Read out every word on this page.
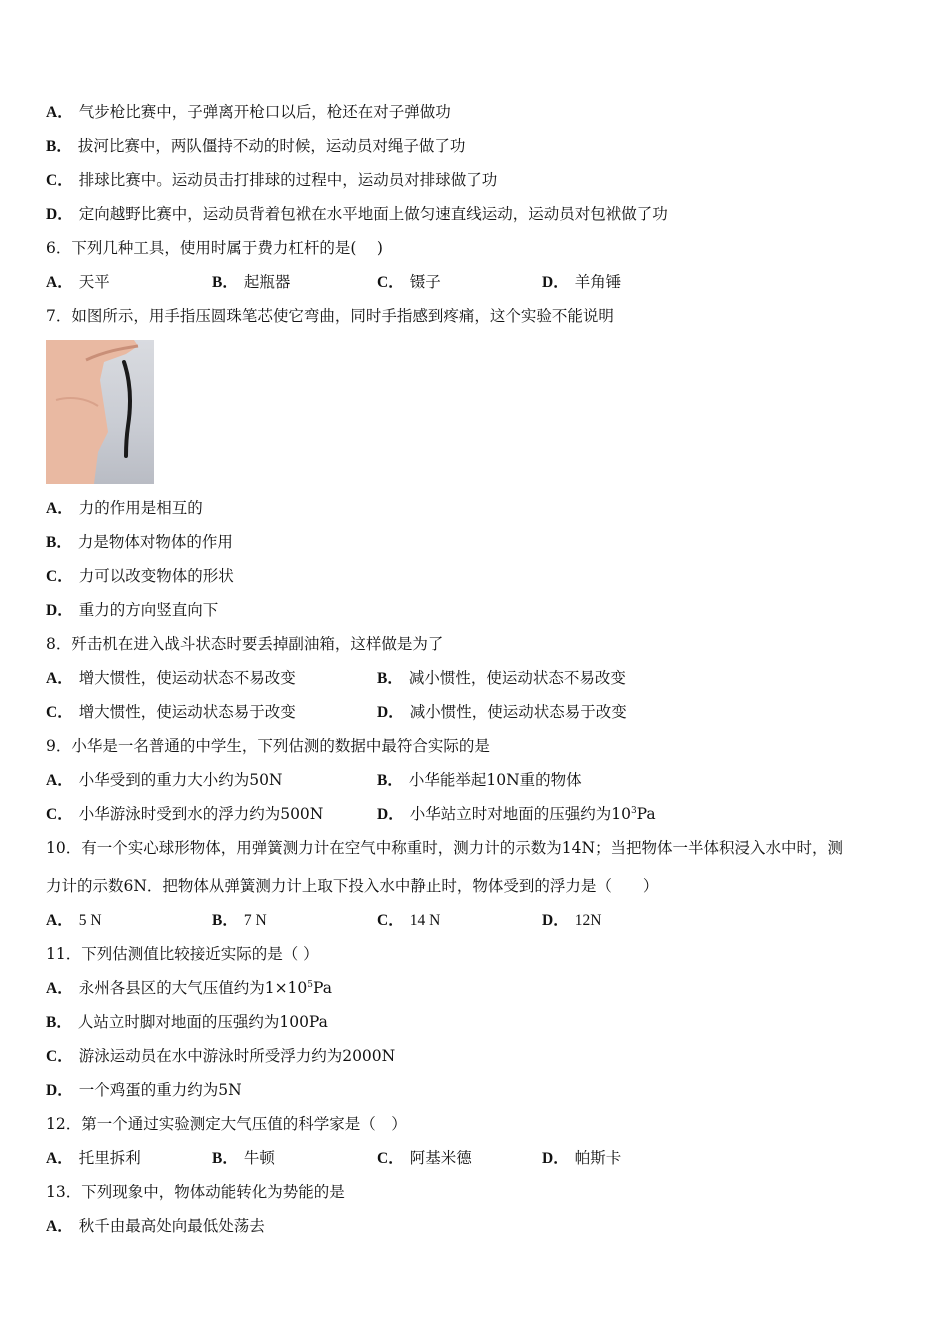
A． 气步枪比赛中，子弹离开枪口以后，枪还在对子弹做功
B． 拔河比赛中，两队僵持不动的时候，运动员对绳子做了功
C． 排球比赛中。运动员击打排球的过程中，运动员对排球做了功
D． 定向越野比赛中，运动员背着包袱在水平地面上做匀速直线运动，运动员对包袱做了功
6．下列几种工具，使用时属于费力杠杆的是(　 )
A． 天平	B． 起瓶器	C． 镊子	D． 羊角锤
7．如图所示，用手指压圆珠笔芯使它弯曲，同时手指感到疼痛，这个实验不能说明
A． 力的作用是相互的
B． 力是物体对物体的作用
C． 力可以改变物体的形状
D． 重力的方向竖直向下
8．歼击机在进入战斗状态时要丢掉副油箱，这样做是为了
A． 增大惯性，使运动状态不易改变	B． 减小惯性，使运动状态不易改变
C． 增大惯性，使运动状态易于改变	D． 减小惯性，使运动状态易于改变
9．小华是一名普通的中学生，下列估测的数据中最符合实际的是
A． 小华受到的重力大小约为50N	B． 小华能举起10N重的物体
C． 小华游泳时受到水的浮力约为500N	D． 小华站立时对地面的压强约为$10^3Pa$
10．有一个实心球形物体，用弹簧测力计在空气中称重时，测力计的示数为14N；当把物体一半体积浸入水中时，测
力计的示数6N．把物体从弹簧测力计上取下投入水中静止时，物体受到的浮力是（　　）
A． 5 N	B． 7 N	C． 14 N	D． 12N
11．下列估测值比较接近实际的是（ ）
A． 永州各县区的大气压值约为$1\times 10^5Pa$
B． 人站立时脚对地面的压强约为100Pa
C． 游泳运动员在水中游泳时所受浮力约为2000N
D． 一个鸡蛋的重力约为5N
12．第一个通过实验测定大气压值的科学家是（　）
A． 托里拆利	B． 牛顿	C． 阿基米德	D． 帕斯卡
13．下列现象中，物体动能转化为势能的是
A． 秋千由最高处向最低处荡去
